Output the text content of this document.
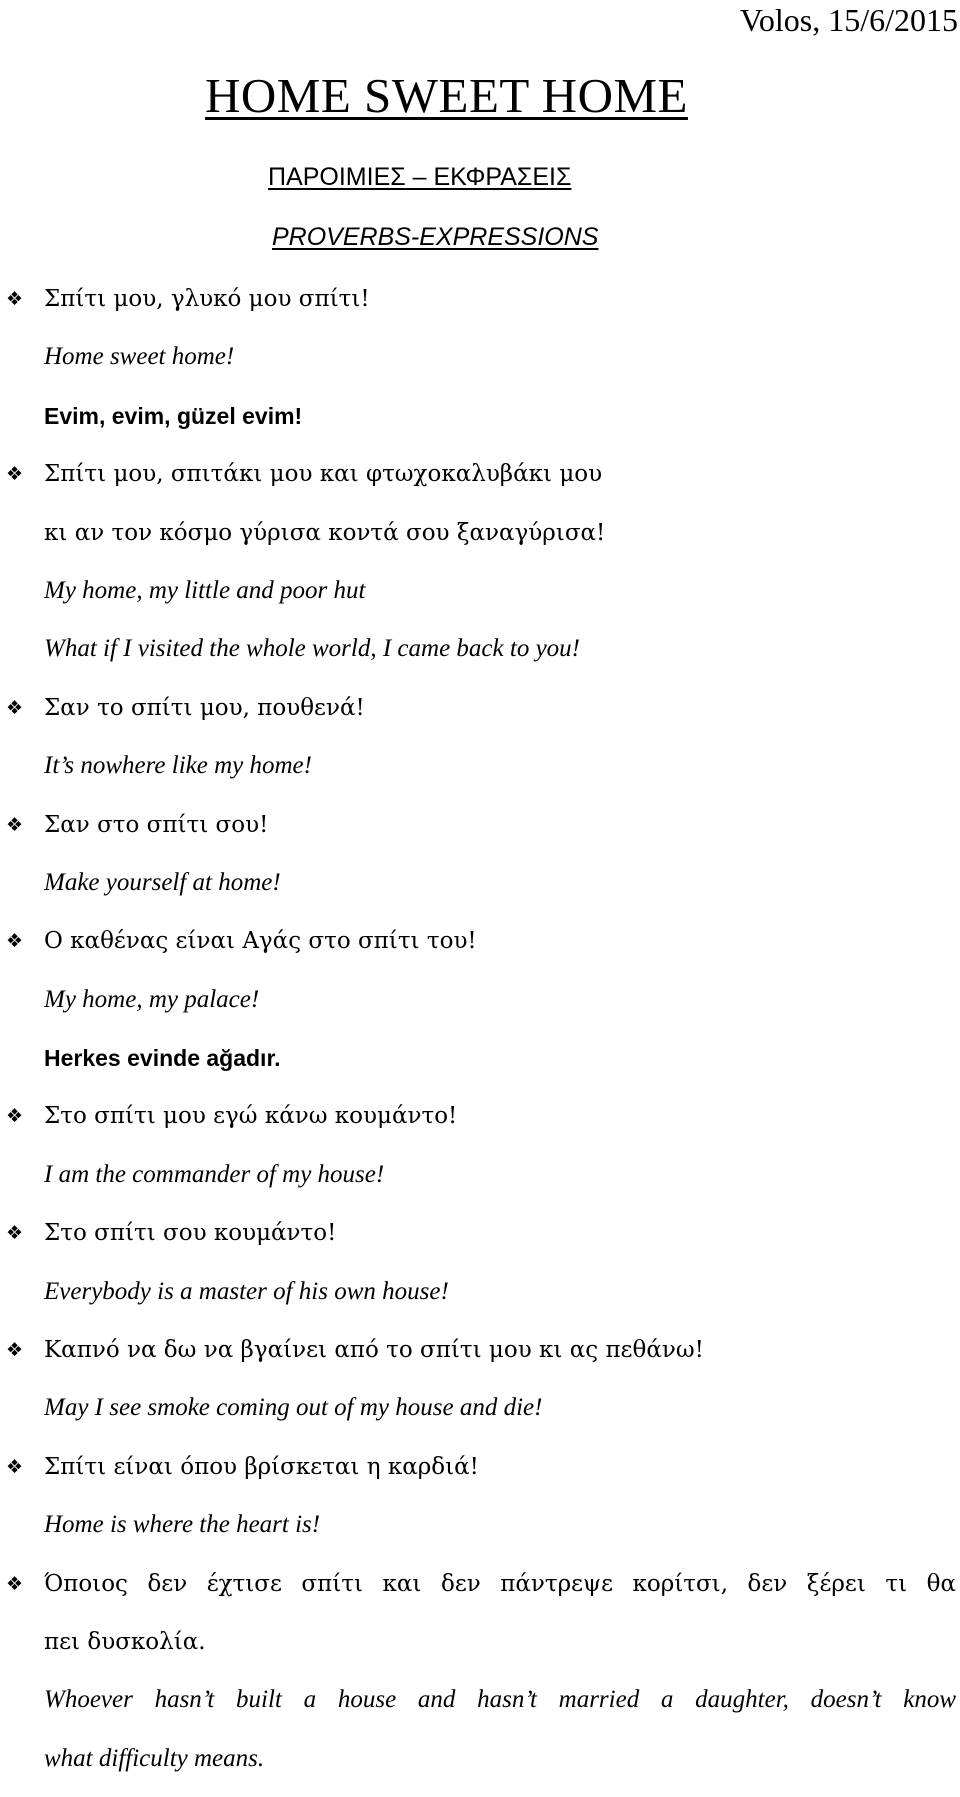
Volos, 15/6/2015
HOME SWEET HOME
ΠΑΡΟΙΜΙΕΣ – ΕΚΦΡΑΣΕΙΣ
PROVERBS-EXPRESSIONS
❖ Σπίτι μου, γλυκό μου σπίτι!
Home sweet home!
Evim, evim, güzel evim!
❖ Σπίτι μου, σπιτάκι μου και φτωχοκαλυβάκι μου
κι αν τον κόσμο γύρισα κοντά σου ξαναγύρισα!
My home, my little and poor hut
What if I visited the whole world, I came back to you!
❖ Σαν το σπίτι μου, πουθενά!
It’s nowhere like my home!
❖ Σαν στο σπίτι σου!
Make yourself at home!
❖ Ο καθένας είναι Αγάς στο σπίτι του!
My home, my palace!
Herkes evinde ağadır.
❖ Στο σπίτι μου εγώ κάνω κουμάντο!
I am the commander of my house!
❖ Στο σπίτι σου κουμάντο!
Everybody is a master of his own house!
❖ Καπνό να δω να βγαίνει από το σπίτι μου κι ας πεθάνω!
May I see smoke coming out of my house and die!
❖ Σπίτι είναι όπου βρίσκεται η καρδιά!
Home is where the heart is!
❖ Όποιος δεν έχτισε σπίτι και δεν πάντρεψε κορίτσι, δεν ξέρει τι θα
πει δυσκολία.
Whoever hasn’t built a house and hasn’t married a daughter, doesn’t know
what difficulty means.
